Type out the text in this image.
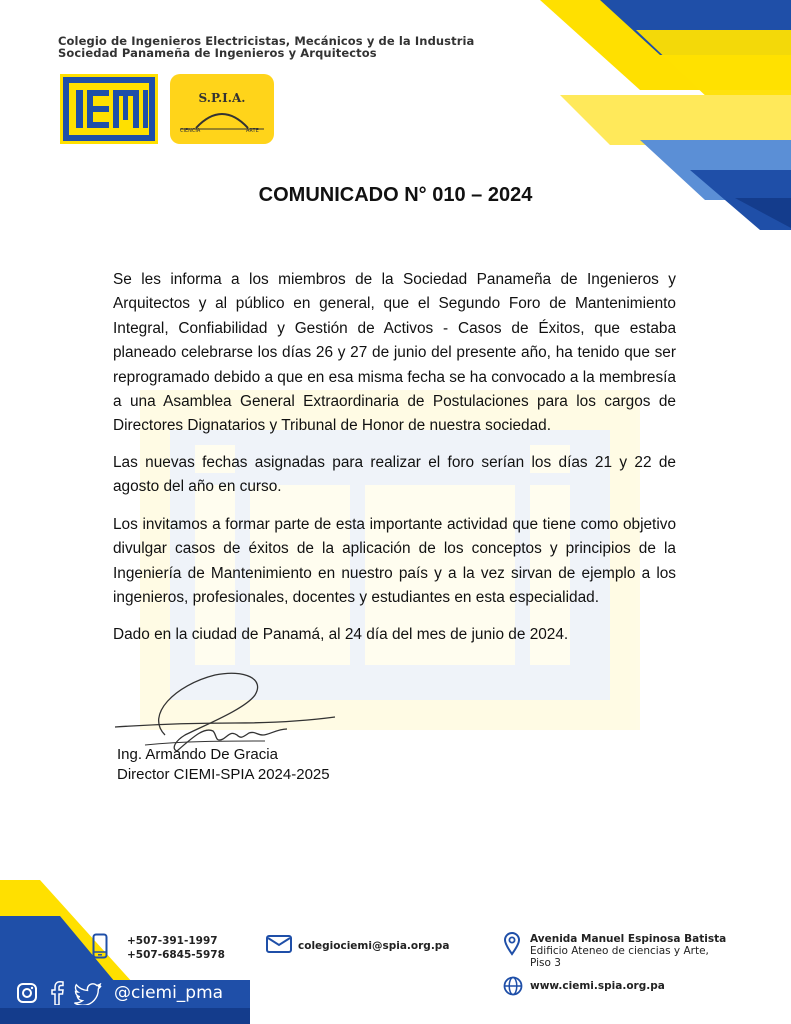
Colegio de Ingenieros Electricistas, Mecánicos y de la Industria
Sociedad Panameña de Ingenieros y Arquitectos
S.P.I.A.
CIENCIA	ARTE
COMUNICADO N° 010 – 2024
Se les informa a los miembros de la Sociedad Panameña de Ingenieros y Arquitectos y al público en general, que el Segundo Foro de Mantenimiento Integral, Confiabilidad y Gestión de Activos - Casos de Éxitos, que estaba planeado celebrarse los días 26 y 27 de junio del presente año, ha tenido que ser reprogramado debido a que en esa misma fecha se ha convocado a la membresía a una Asamblea General Extraordinaria de Postulaciones para los cargos de Directores Dignatarios y Tribunal de Honor de nuestra sociedad.
Las nuevas fechas asignadas para realizar el foro serían los días 21 y 22 de agosto del año en curso.
Los invitamos a formar parte de esta importante actividad que tiene como objetivo divulgar casos de éxitos de la aplicación de los conceptos y principios de la Ingeniería de Mantenimiento en nuestro país y a la vez sirvan de ejemplo a los ingenieros, profesionales, docentes y estudiantes en esta especialidad.
Dado en la ciudad de Panamá, al 24 día del mes de junio de 2024.
Ing. Armando De Gracia
Director CIEMI-SPIA 2024-2025
@ciemi_pma
+507-391-1997
+507-6845-5978
colegiociemi@spia.org.pa
Avenida Manuel Espinosa Batista
Edificio Ateneo de ciencias y Arte,
Piso 3
www.ciemi.spia.org.pa
